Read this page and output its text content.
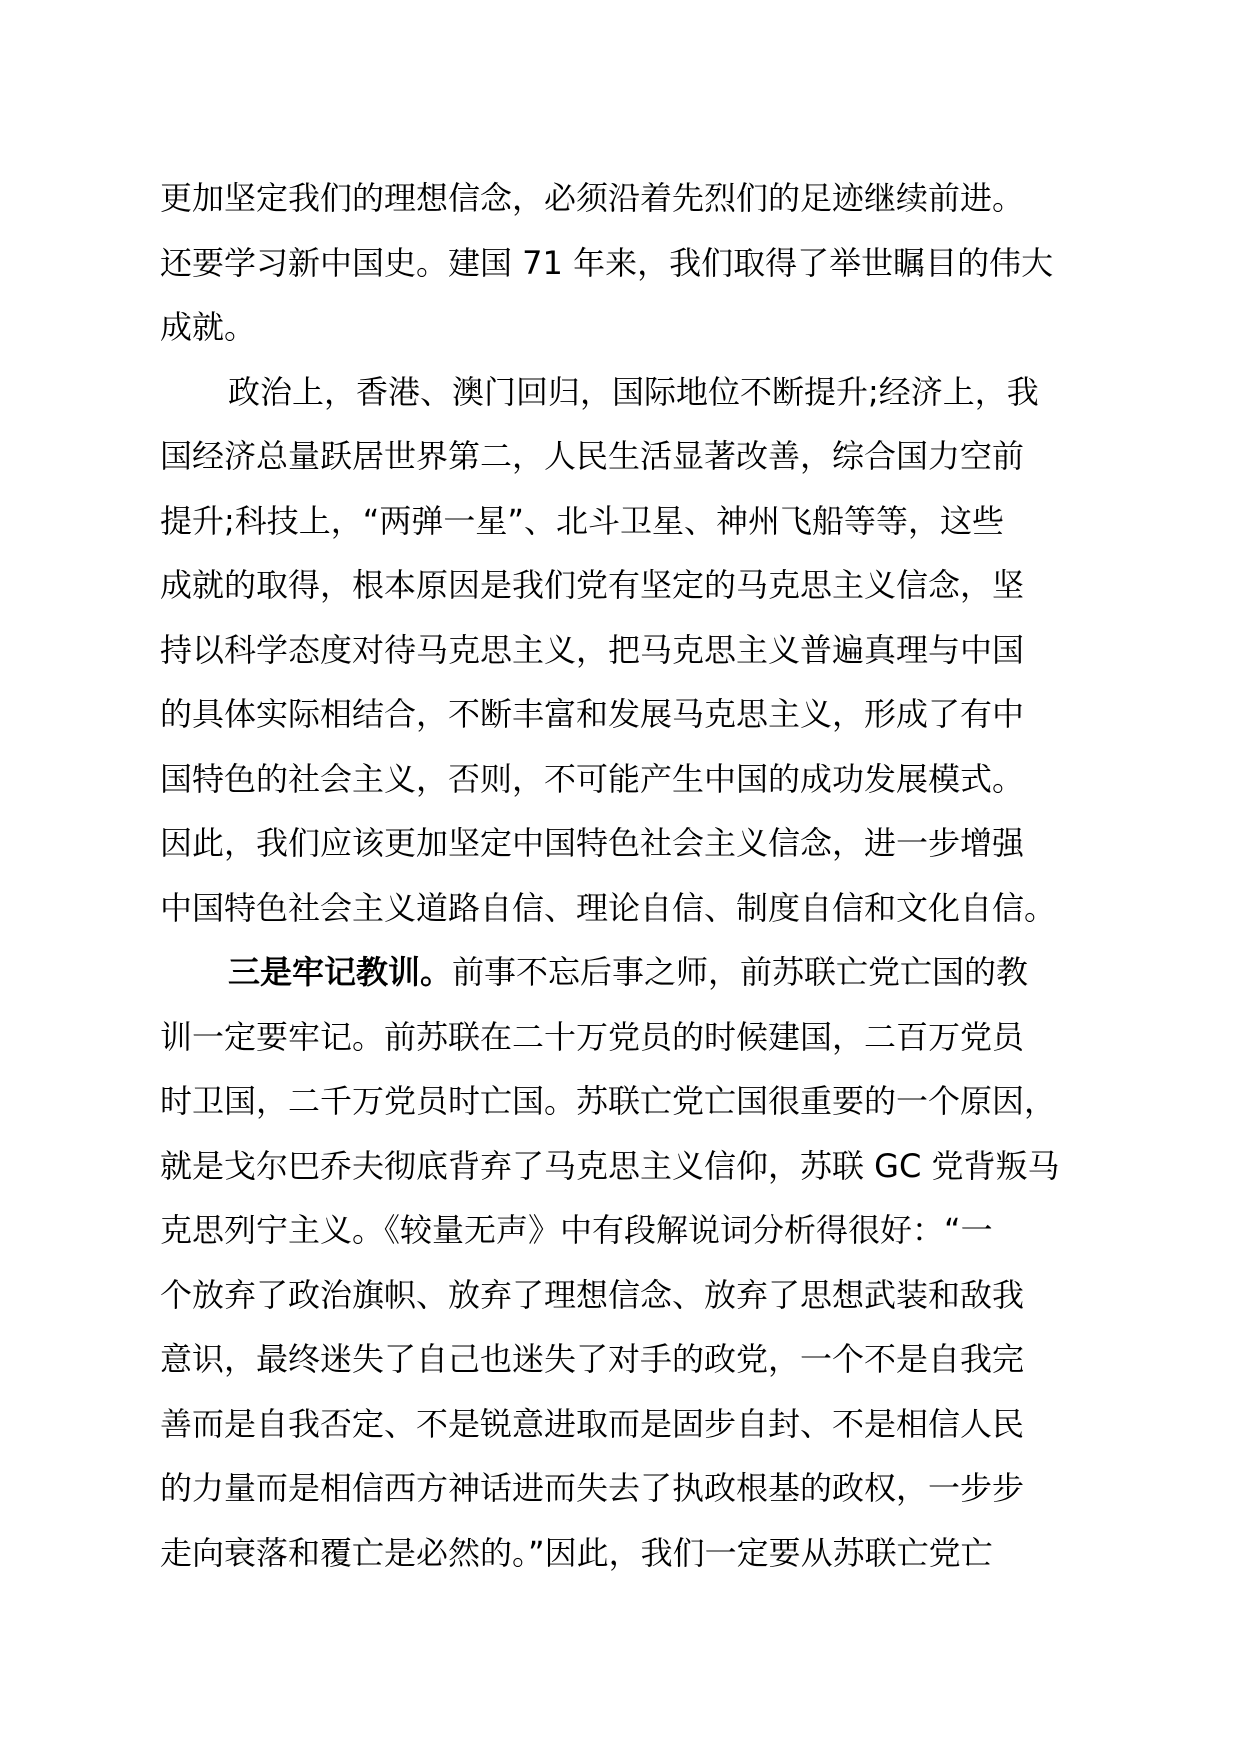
更加坚定我们的理想信念，必须沿着先烈们的足迹继续前进。
还要学习新中国史。建国 71 年来，我们取得了举世瞩目的伟大
成就。
政治上，香港、澳门回归，国际地位不断提升;经济上，我
国经济总量跃居世界第二，人民生活显著改善，综合国力空前
提升;科技上，“两弹一星”、北斗卫星、神州飞船等等，这些
成就的取得，根本原因是我们党有坚定的马克思主义信念，坚
持以科学态度对待马克思主义，把马克思主义普遍真理与中国
的具体实际相结合，不断丰富和发展马克思主义，形成了有中
国特色的社会主义，否则，不可能产生中国的成功发展模式。
因此，我们应该更加坚定中国特色社会主义信念，进一步增强
中国特色社会主义道路自信、理论自信、制度自信和文化自信。
三是牢记教训。前事不忘后事之师，前苏联亡党亡国的教
训一定要牢记。前苏联在二十万党员的时候建国，二百万党员
时卫国，二千万党员时亡国。苏联亡党亡国很重要的一个原因，
就是戈尔巴乔夫彻底背弃了马克思主义信仰，苏联 GC 党背叛马
克思列宁主义。《较量无声》中有段解说词分析得很好：“一
个放弃了政治旗帜、放弃了理想信念、放弃了思想武装和敌我
意识，最终迷失了自己也迷失了对手的政党，一个不是自我完
善而是自我否定、不是锐意进取而是固步自封、不是相信人民
的力量而是相信西方神话进而失去了执政根基的政权，一步步
走向衰落和覆亡是必然的。”因此，我们一定要从苏联亡党亡
